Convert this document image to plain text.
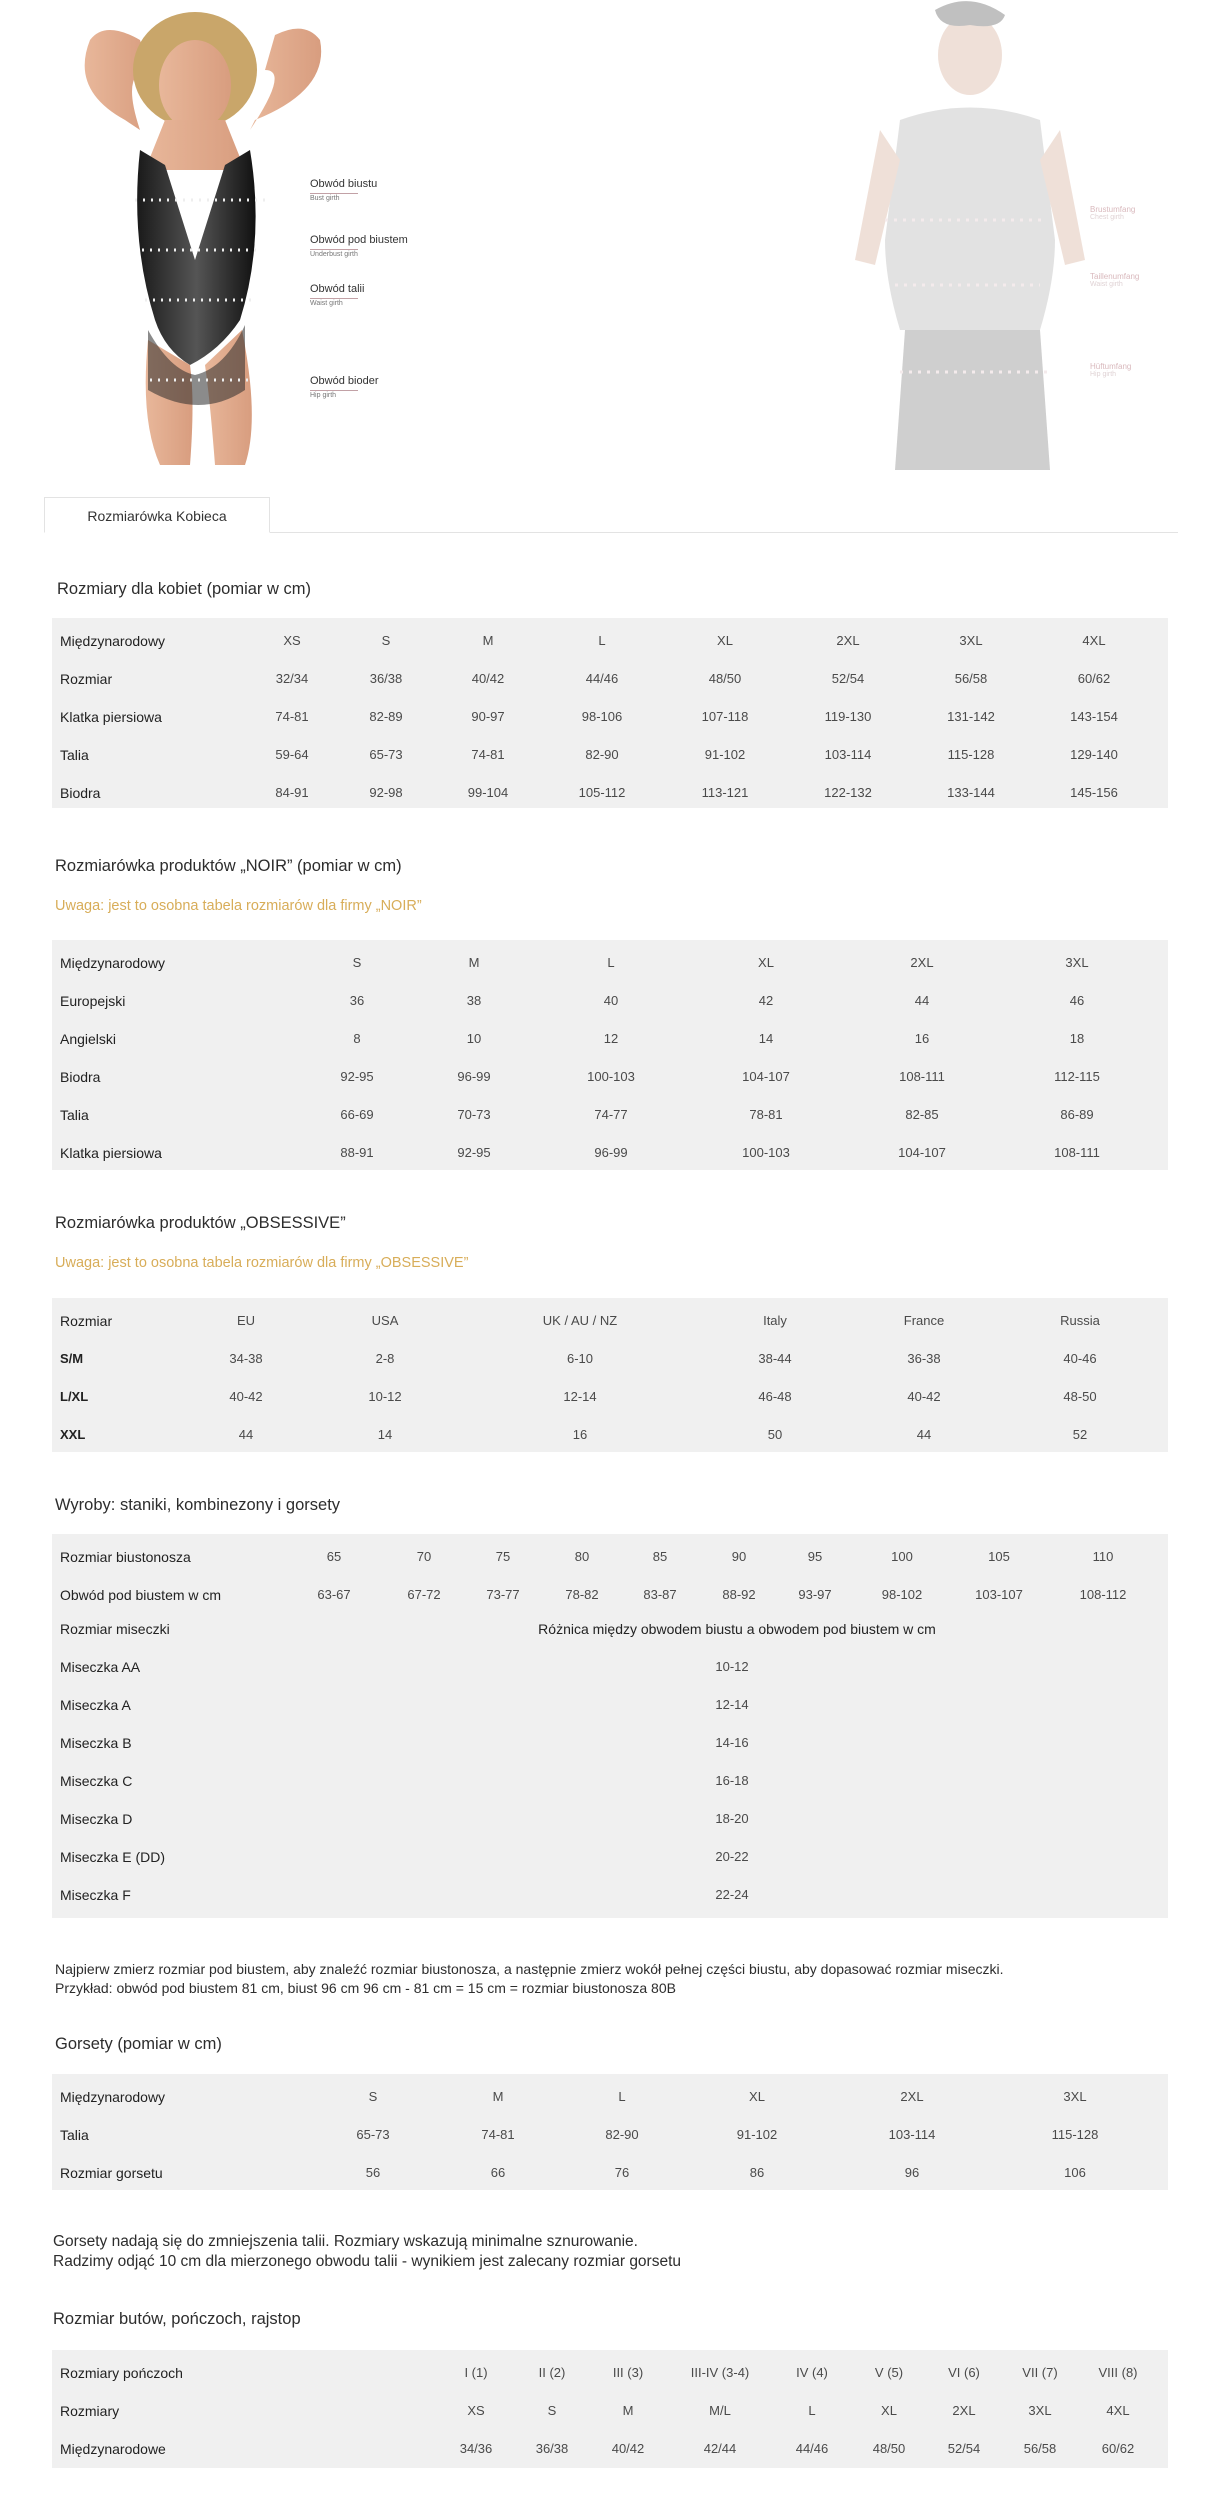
Obwód biustu
Bust girth
Obwód pod biustem
Underbust girth
Obwód talii
Waist girth
Obwód bioder
Hip girth
Brustumfang
Chest girth
Taillenumfang
Waist girth
Hüftumfang
Hip girth
Rozmiarówka Kobieca
Rozmiary dla kobiet (pomiar w cm)
Międzynarodowy	XS	S	M	L	XL	2XL	3XL	4XL
Rozmiar	32/34	36/38	40/42	44/46	48/50	52/54	56/58	60/62
Klatka piersiowa	74-81	82-89	90-97	98-106	107-118	119-130	131-142	143-154
Talia	59-64	65-73	74-81	82-90	91-102	103-114	115-128	129-140
Biodra	84-91	92-98	99-104	105-112	113-121	122-132	133-144	145-156
Rozmiarówka produktów „NOIR” (pomiar w cm)
Uwaga: jest to osobna tabela rozmiarów dla firmy „NOIR”
Międzynarodowy	S	M	L	XL	2XL	3XL
Europejski	36	38	40	42	44	46
Angielski	8	10	12	14	16	18
Biodra	92-95	96-99	100-103	104-107	108-111	112-115
Talia	66-69	70-73	74-77	78-81	82-85	86-89
Klatka piersiowa	88-91	92-95	96-99	100-103	104-107	108-111
Rozmiarówka produktów „OBSESSIVE”
Uwaga: jest to osobna tabela rozmiarów dla firmy „OBSESSIVE”
Rozmiar	EU	USA	UK / AU / NZ	Italy	France	Russia
S/M	34-38	2-8	6-10	38-44	36-38	40-46
L/XL	40-42	10-12	12-14	46-48	40-42	48-50
XXL	44	14	16	50	44	52
Wyroby: staniki, kombinezony i gorsety
Rozmiar biustonosza	65	70	75	80	85	90	95	100	105	110
Obwód pod biustem w cm	63-67	67-72	73-77	78-82	83-87	88-92	93-97	98-102	103-107	108-112
Rozmiar miseczki	Różnica między obwodem biustu a obwodem pod biustem w cm
Miseczka AA	10-12
Miseczka A	12-14
Miseczka B	14-16
Miseczka C	16-18
Miseczka D	18-20
Miseczka E (DD)	20-22
Miseczka F	22-24
Najpierw zmierz rozmiar pod biustem, aby znaleźć rozmiar biustonosza, a następnie zmierz wokół pełnej części biustu, aby dopasować rozmiar miseczki.
Przykład: obwód pod biustem 81 cm, biust 96 cm 96 cm - 81 cm = 15 cm = rozmiar biustonosza 80B
Gorsety (pomiar w cm)
Międzynarodowy	S	M	L	XL	2XL	3XL
Talia	65-73	74-81	82-90	91-102	103-114	115-128
Rozmiar gorsetu	56	66	76	86	96	106
Gorsety nadają się do zmniejszenia talii. Rozmiary wskazują minimalne sznurowanie.
Radzimy odjąć 10 cm dla mierzonego obwodu talii - wynikiem jest zalecany rozmiar gorsetu
Rozmiar butów, pończoch, rajstop
Rozmiary pończoch	I (1)	II (2)	III (3)	III-IV (3-4)	IV (4)	V (5)	VI (6)	VII (7)	VIII (8)
Rozmiary	XS	S	M	M/L	L	XL	2XL	3XL	4XL
Międzynarodowe	34/36	36/38	40/42	42/44	44/46	48/50	52/54	56/58	60/62
